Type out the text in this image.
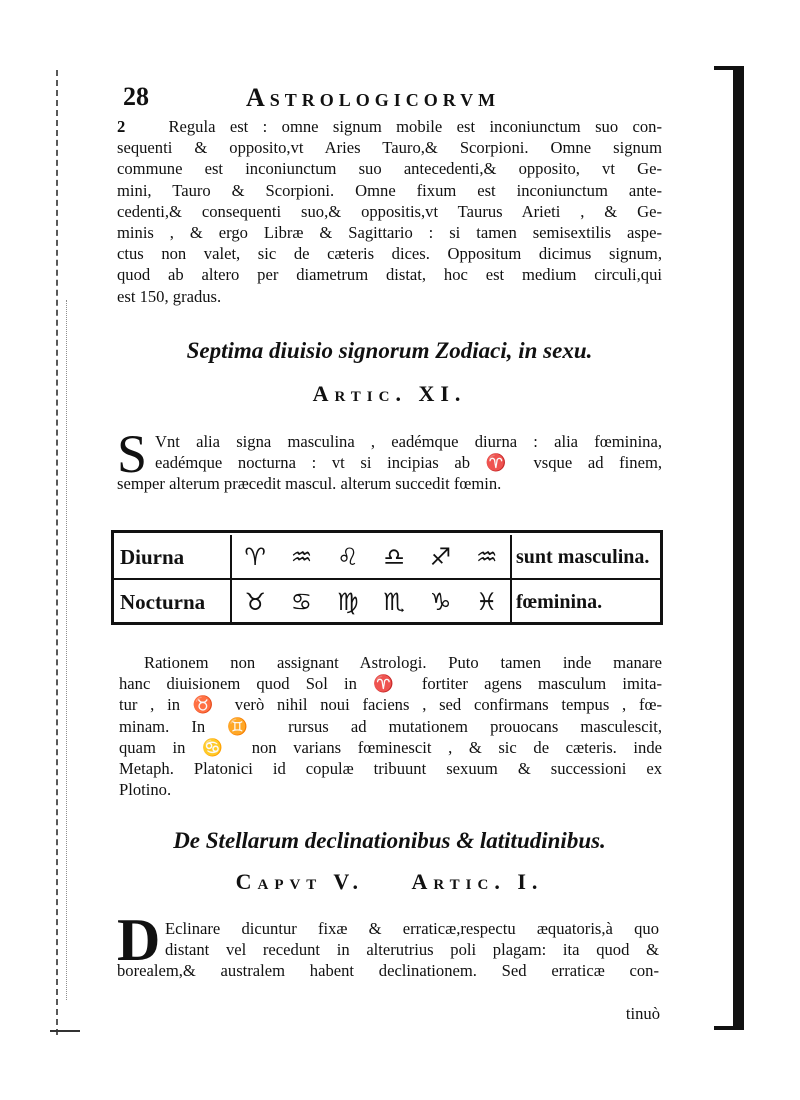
28	Astrologicorvm
2	Regula est : omne signum mobile est inconiunctum suo con-
sequenti & opposito,vt Aries Tauro,& Scorpioni. Omne signum
commune est inconiunctum suo antecedenti,& opposito, vt Ge-
mini, Tauro & Scorpioni. Omne fixum est inconiunctum ante-
cedenti,& consequenti suo,& oppositis,vt Taurus Arieti , & Ge-
minis , & ergo Libræ & Sagittario : si tamen semisextilis aspe-
ctus non valet, sic de cæteris dices. Oppositum dicimus signum,
quod ab altero per diametrum distat, hoc est medium circuli,qui
est 150, gradus.
Septima diuisio signorum Zodiaci, in sexu.
Artic. XI.
S Vnt alia signa masculina , eadémque diurna : alia fœminina,
eadémque nocturna : vt si incipias ab ♈ vsque ad finem,
semper alterum præcedit mascul. alterum succedit fœmin.
Diurna	♈ ♒ ♌ ♎ ♐ ♒ sunt masculina.
Nocturna	♉ ♋ ♍ ♏ ♑ ♓ fœminina.
Rationem non assignant Astrologi. Puto tamen inde manare
hanc diuisionem quod Sol in ♈ fortiter agens masculum imita-
tur , in ♉ verò nihil noui faciens , sed confirmans tempus , fœ-
minam. In ♊ rursus ad mutationem prouocans masculescit,
quam in ♋ non varians fœminescit , & sic de cæteris. inde
Metaph. Platonici id copulæ tribuunt sexuum & successioni ex
Plotino.
De Stellarum declinationibus & latitudinibus.
Capvt V. Artic. I.
D Eclinare dicuntur fixæ & erraticæ,respectu æquatoris,à quo
distant vel recedunt in alterutrius poli plagam: ita quod &
borealem,& australem habent declinationem. Sed erraticæ con-
tinuò
